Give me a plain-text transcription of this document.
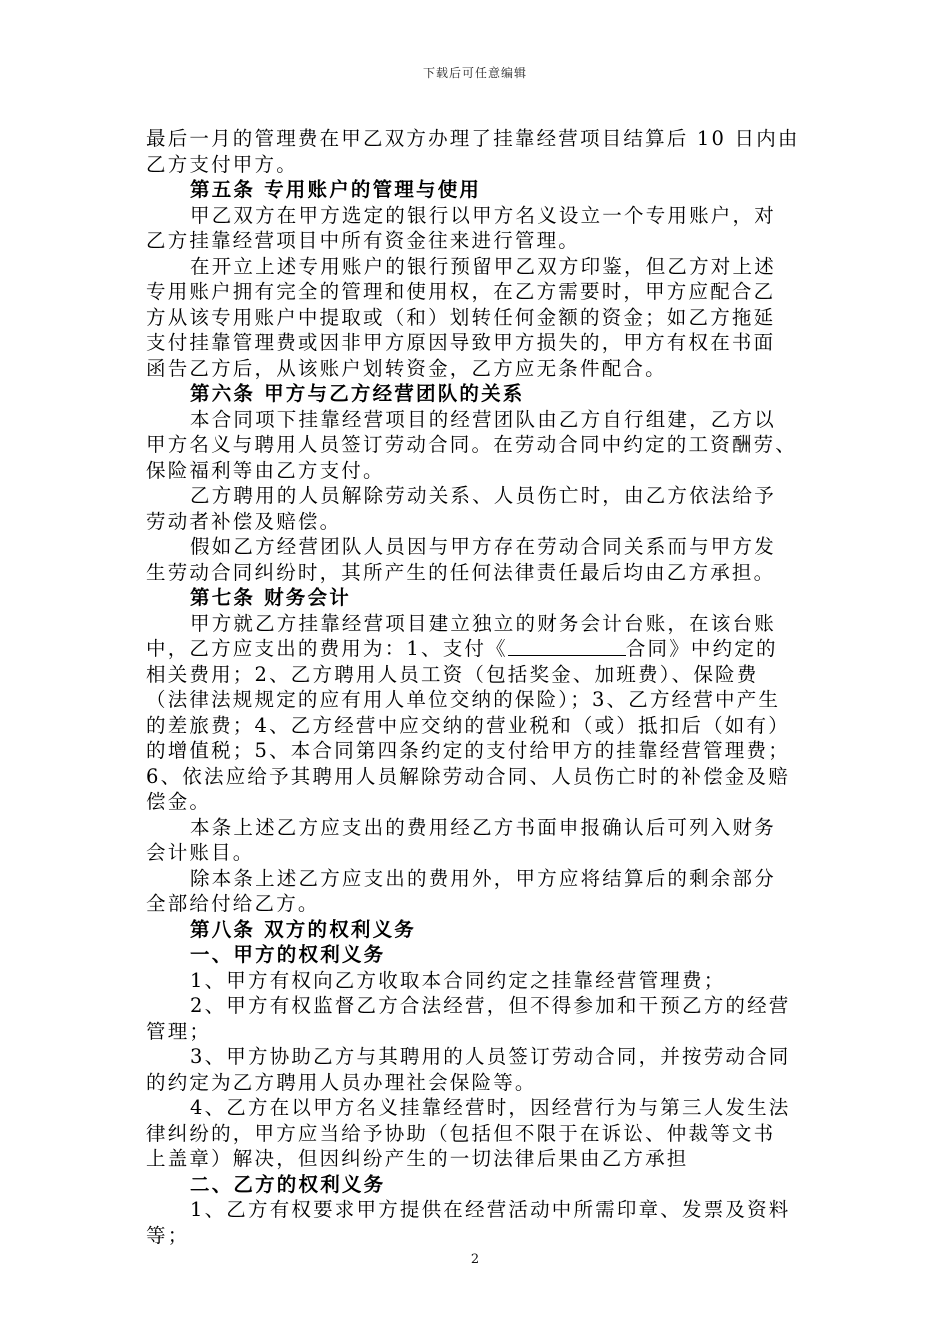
下载后可任意编辑
最后一月的管理费在甲乙双方办理了挂靠经营项目结算后 10 日内由
乙方支付甲方。
第五条 专用账户的管理与使用
甲乙双方在甲方选定的银行以甲方名义设立一个专用账户，对
乙方挂靠经营项目中所有资金往来进行管理。
在开立上述专用账户的银行预留甲乙双方印鉴，但乙方对上述
专用账户拥有完全的管理和使用权，在乙方需要时，甲方应配合乙
方从该专用账户中提取或（和）划转任何金额的资金；如乙方拖延
支付挂靠管理费或因非甲方原因导致甲方损失的，甲方有权在书面
函告乙方后，从该账户划转资金，乙方应无条件配合。
第六条 甲方与乙方经营团队的关系
本合同项下挂靠经营项目的经营团队由乙方自行组建，乙方以
甲方名义与聘用人员签订劳动合同。在劳动合同中约定的工资酬劳、
保险福利等由乙方支付。
乙方聘用的人员解除劳动关系、人员伤亡时，由乙方依法给予
劳动者补偿及赔偿。
假如乙方经营团队人员因与甲方存在劳动合同关系而与甲方发
生劳动合同纠纷时，其所产生的任何法律责任最后均由乙方承担。
第七条 财务会计
甲方就乙方挂靠经营项目建立独立的财务会计台账，在该台账
中，乙方应支出的费用为：1、支付《	合同》中约定的
相关费用；2、乙方聘用人员工资（包括奖金、加班费）、保险费
（法律法规规定的应有用人单位交纳的保险）；3、乙方经营中产生
的差旅费；4、乙方经营中应交纳的营业税和（或）抵扣后（如有）
的增值税；5、本合同第四条约定的支付给甲方的挂靠经营管理费；
6、依法应给予其聘用人员解除劳动合同、人员伤亡时的补偿金及赔
偿金。
本条上述乙方应支出的费用经乙方书面申报确认后可列入财务
会计账目。
除本条上述乙方应支出的费用外，甲方应将结算后的剩余部分
全部给付给乙方。
第八条 双方的权利义务
一、甲方的权利义务
1、甲方有权向乙方收取本合同约定之挂靠经营管理费；
2、甲方有权监督乙方合法经营，但不得参加和干预乙方的经营
管理；
3、甲方协助乙方与其聘用的人员签订劳动合同，并按劳动合同
的约定为乙方聘用人员办理社会保险等。
4、乙方在以甲方名义挂靠经营时，因经营行为与第三人发生法
律纠纷的，甲方应当给予协助（包括但不限于在诉讼、仲裁等文书
上盖章）解决，但因纠纷产生的一切法律后果由乙方承担
二、乙方的权利义务
1、乙方有权要求甲方提供在经营活动中所需印章、发票及资料
等；
2
